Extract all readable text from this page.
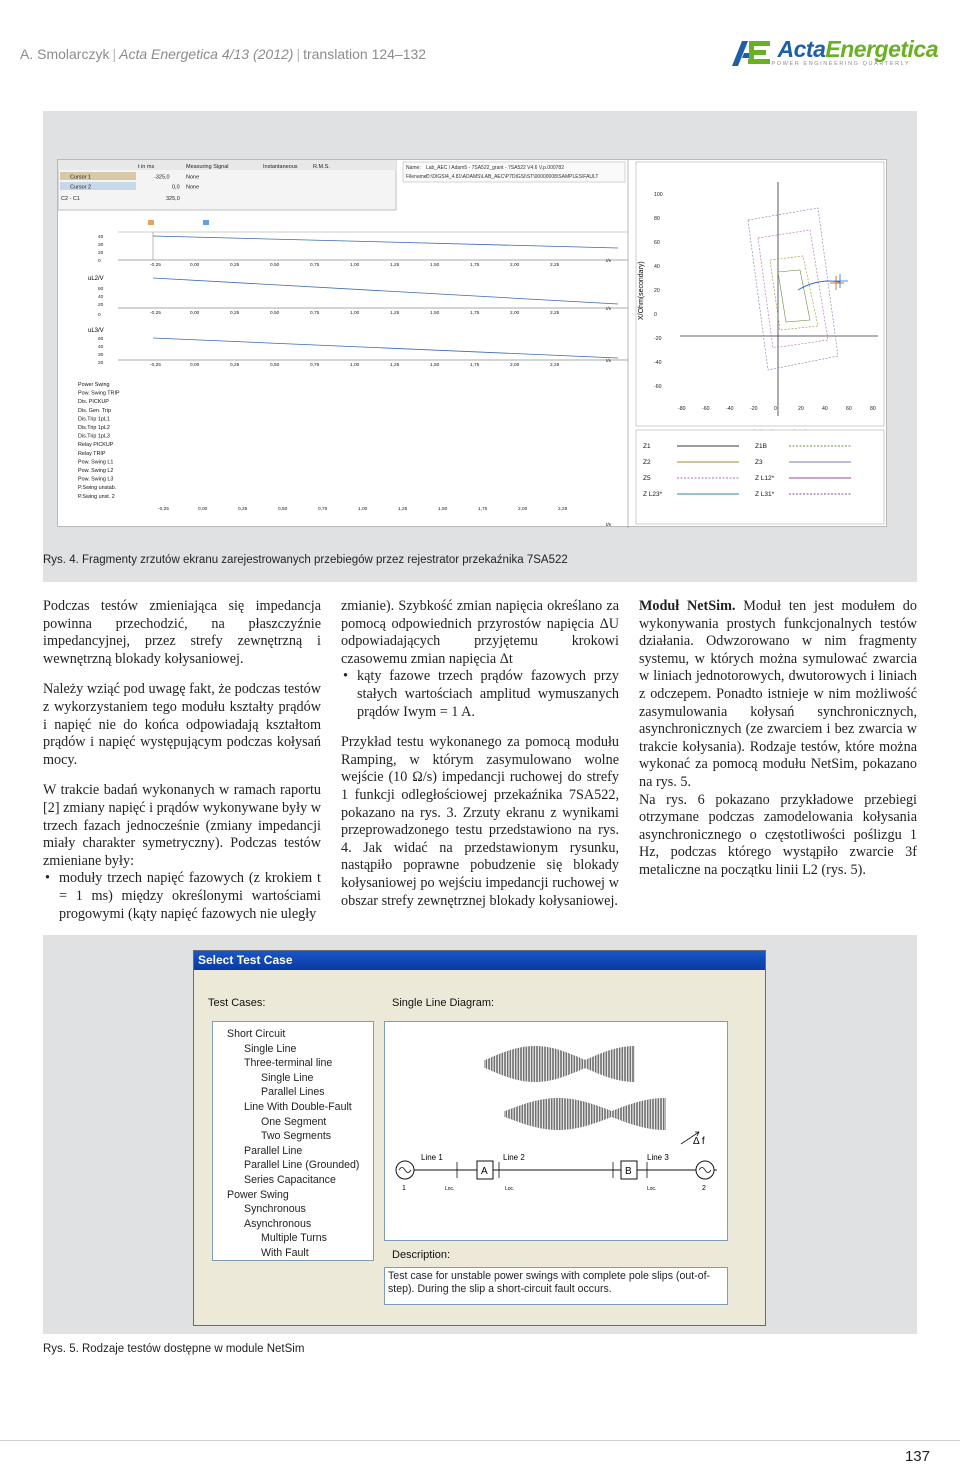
A. Smolarczyk | Acta Energetica 4/13 (2012) | translation 124–132	ActaEnergetica
POWER ENGINEERING QUARTERLY
t in ms	Measuring Signal	Instantaneous	R.M.S.
Cursor 1	-325,0	None
Cursor 2	0,0 None
C2 - C1	325,0
Name: Lab_AEC / Adam5 - 7SA522_grant - 7SA522 V4.6 V.p.000782
Filename:
D:\DIGSI4_4.81\ADAMS\LAB_AEC\P7DIGSI\ST\00000008\SAMPLES\FAULT
40
30
20
0
uL2/V
60
40
20
0
uL3/V
60
40
30
20
-0,25	0,00	0,25	0,50	0,75	1,00	1,25	1,50	1,75	2,00	2,25
t/s
-0,25	0,00	0,25	0,50	0,75	1,00	1,25	1,50	1,75	2,00	2,25
t/s
-0,25	0,00	0,25	0,50	0,75	1,00	1,25	1,50	1,75	2,00	2,25
t/s
Power Swing
Pow. Swing TRIP
Dis. PICKUP
Dis. Gen. Trip
Dis.Trip 1pL1
Dis.Trip 1pL2
Dis.Trip 1pL3
Relay PICKUP
Relay TRIP
Pow. Swing L1
Pow. Swing L2
Pow. Swing L3
P.Swing unstab.
P.Swing unst. 2
-0,25	0,00	0,25	0,50	0,75	1,00	1,25	1,50	1,75	2,00	2,25
t/s
100
80
60
40
20
0
-20
-40
-60
-80	-60	-40	-20	0	20	40	60	80
X/Ohm(secondary)
Z1	Z1B
Z2	Z3
Z5	Z L12*
Z L23*	Z L31*
Rys. 4. Fragmenty zrzutów ekranu zarejestrowanych przebiegów przez rejestrator przekaźnika 7SA522

Podczas testów zmieniająca się impedancja powinna przechodzić, na płaszczyźnie impedancyjnej, przez strefy zewnętrzną i wewnętrzną blokady kołysaniowej.

Należy wziąć pod uwagę fakt, że podczas testów z wykorzystaniem tego modułu kształty prądów i napięć nie do końca odpowiadają kształtom prądów i napięć występującym podczas kołysań mocy.

W trakcie badań wykonanych w ramach raportu [2] zmiany napięć i prądów wykonywane były w trzech fazach jednocześnie (zmiany impedancji miały charakter symetryczny). Podczas testów zmieniane były:

• moduły trzech napięć fazowych (z krokiem t = 1 ms) między określonymi wartościami progowymi (kąty napięć fazowych nie uległy

zmianie). Szybkość zmian napięcia określano za pomocą odpowiednich przyrostów napięcia ΔU odpowiadających przyjętemu krokowi czasowemu zmian napięcia Δt

• kąty fazowe trzech prądów fazowych przy stałych wartościach amplitud wymuszanych prądów Iwym = 1 A.

Przykład testu wykonanego za pomocą modułu Ramping, w którym zasymulowano wolne wejście (10 Ω/s) impedancji ruchowej do strefy 1 funkcji odległościowej przekaźnika 7SA522, pokazano na rys. 3. Zrzuty ekranu z wynikami przeprowadzonego testu przedstawiono na rys. 4. Jak widać na przedstawionym rysunku, nastąpiło poprawne pobudzenie się blokady kołysaniowej po wejściu impedancji ruchowej w obszar strefy zewnętrznej blokady kołysaniowej.

Moduł NetSim. Moduł ten jest modułem do wykonywania prostych funkcjonalnych testów działania. Odwzorowano w nim fragmenty systemu, w których można symulować zwarcia w liniach jednotorowych, dwutorowych i liniach z odczepem. Ponadto istnieje w nim możliwość zasymulowania kołysań synchronicznych, asynchronicznych (ze zwarciem i bez zwarcia w trakcie kołysania). Rodzaje testów, które można wykonać za pomocą modułu NetSim, pokazano na rys. 5.

Na rys. 6 pokazano przykładowe przebiegi otrzymane podczas zamodelowania kołysania asynchronicznego o częstotliwości poślizgu 1 Hz, podczas którego wystąpiło zwarcie 3f metaliczne na początku linii L2 (rys. 5).

Select Test Case
Test Cases:	Single Line Diagram:
Short Circuit
Single Line
Three-terminal line
Single Line
Parallel Lines
Line With Double-Fault
One Segment
Two Segments
Parallel Line
Parallel Line (Grounded)
Series Capacitance
Power Swing
Synchronous
Asynchronous
Multiple Turns
With Fault
1	2
Line 1	Line 2	Line 3
A	B
Loc.	Loc.	Loc.
Δ f
Description:
Test case for unstable power swings with complete pole slips (out-of-step). During the slip a short-circuit fault occurs.
Rys. 5. Rodzaje testów dostępne w module NetSim
137
